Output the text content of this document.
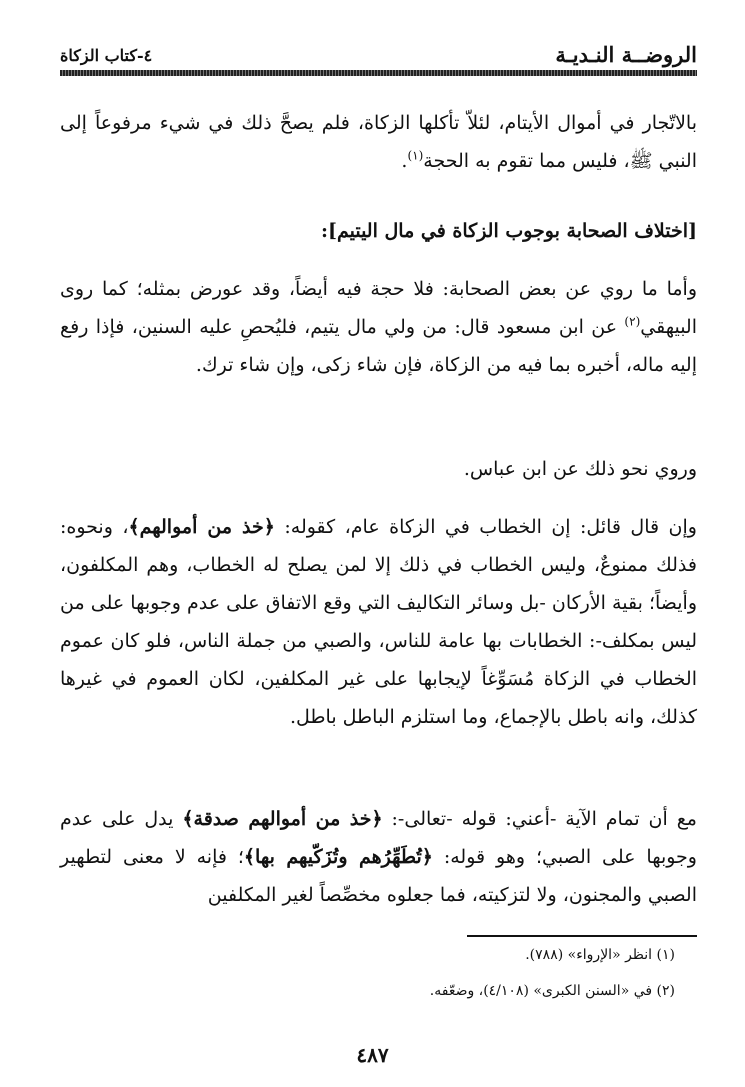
الروضــة النـديـة
٤-كتاب الزكاة
بالاتّجار في أموال الأيتام، لئلاّ تأكلها الزكاة، فلم يصحَّ ذلك في شيء مرفوعاً إلى النبي ﷺ، فليس مما تقوم به الحجة$^{(١)}$.
[اختلاف الصحابة بوجوب الزكاة في مال اليتيم]:
وأما ما روي عن بعض الصحابة: فلا حجة فيه أيضاً، وقد عورض بمثله؛ كما روى البيهقي$^{(٢)}$ عن ابن مسعود قال: من ولي مال يتيم، فليُحصِ عليه السنين، فإذا رفع إليه ماله، أخبره بما فيه من الزكاة، فإن شاء زكى، وإن شاء ترك.
وروي نحو ذلك عن ابن عباس.
وإن قال قائل: إن الخطاب في الزكاة عام، كقوله: ﴿خذ من أموالهم﴾، ونحوه: فذلك ممنوعٌ، وليس الخطاب في ذلك إلا لمن يصلح له الخطاب، وهم المكلفون، وأيضاً؛ بقية الأركان -بل وسائر التكاليف التي وقع الاتفاق على عدم وجوبها على من ليس بمكلف-: الخطابات بها عامة للناس، والصبي من جملة الناس، فلو كان عموم الخطاب في الزكاة مُسَوِّغاً لإيجابها على غير المكلفين، لكان العموم في غيرها كذلك، وانه باطل بالإجماع، وما استلزم الباطل باطل.
مع أن تمام الآية -أعني: قوله -تعالى-: ﴿خذ من أموالهم صدقة﴾ يدل على عدم وجوبها على الصبي؛ وهو قوله: ﴿تُطَهِّرُهم وتُزَكّيهم بها﴾؛ فإنه لا معنى لتطهير الصبي والمجنون، ولا لتزكيته، فما جعلوه مخصِّصاً لغير المكلفين
(١) انظر «الإرواء» (٧٨٨).
(٢) في «السنن الكبرى» (٤/١٠٨)، وضعّفه.
٤٨٧
